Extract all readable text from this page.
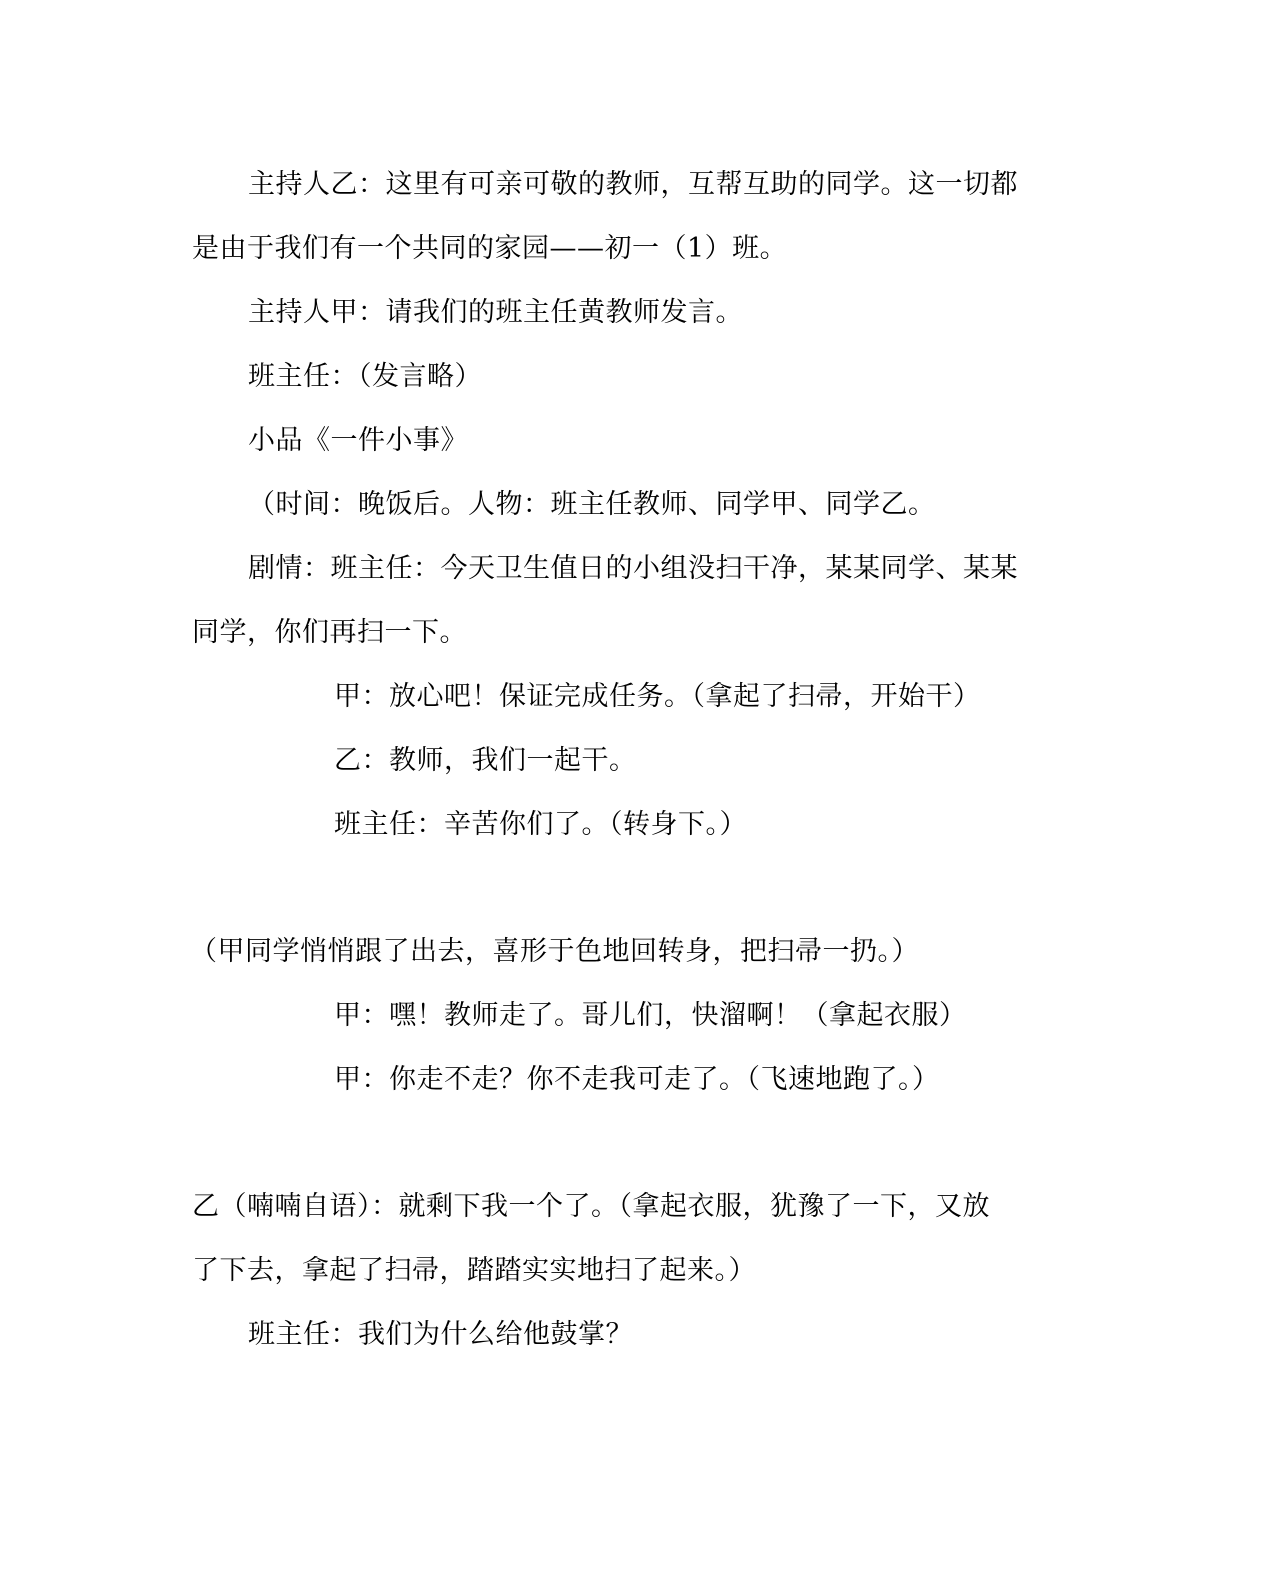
主持人乙：这里有可亲可敬的教师，互帮互助的同学。这一切都
是由于我们有一个共同的家园——初一（1）班。
主持人甲：请我们的班主任黄教师发言。
班主任：（发言略）
小品《一件小事》
（时间：晚饭后。人物：班主任教师、同学甲、同学乙。
剧情：班主任：今天卫生值日的小组没扫干净，某某同学、某某
同学，你们再扫一下。
甲：放心吧！保证完成任务。（拿起了扫帚，开始干）
乙：教师，我们一起干。
班主任：辛苦你们了。（转身下。）
（甲同学悄悄跟了出去，喜形于色地回转身，把扫帚一扔。）
甲：嘿！教师走了。哥儿们，快溜啊！（拿起衣服）
甲：你走不走？你不走我可走了。（飞速地跑了。）
乙（喃喃自语）：就剩下我一个了。（拿起衣服，犹豫了一下，又放
了下去，拿起了扫帚，踏踏实实地扫了起来。）
班主任：我们为什么给他鼓掌？
